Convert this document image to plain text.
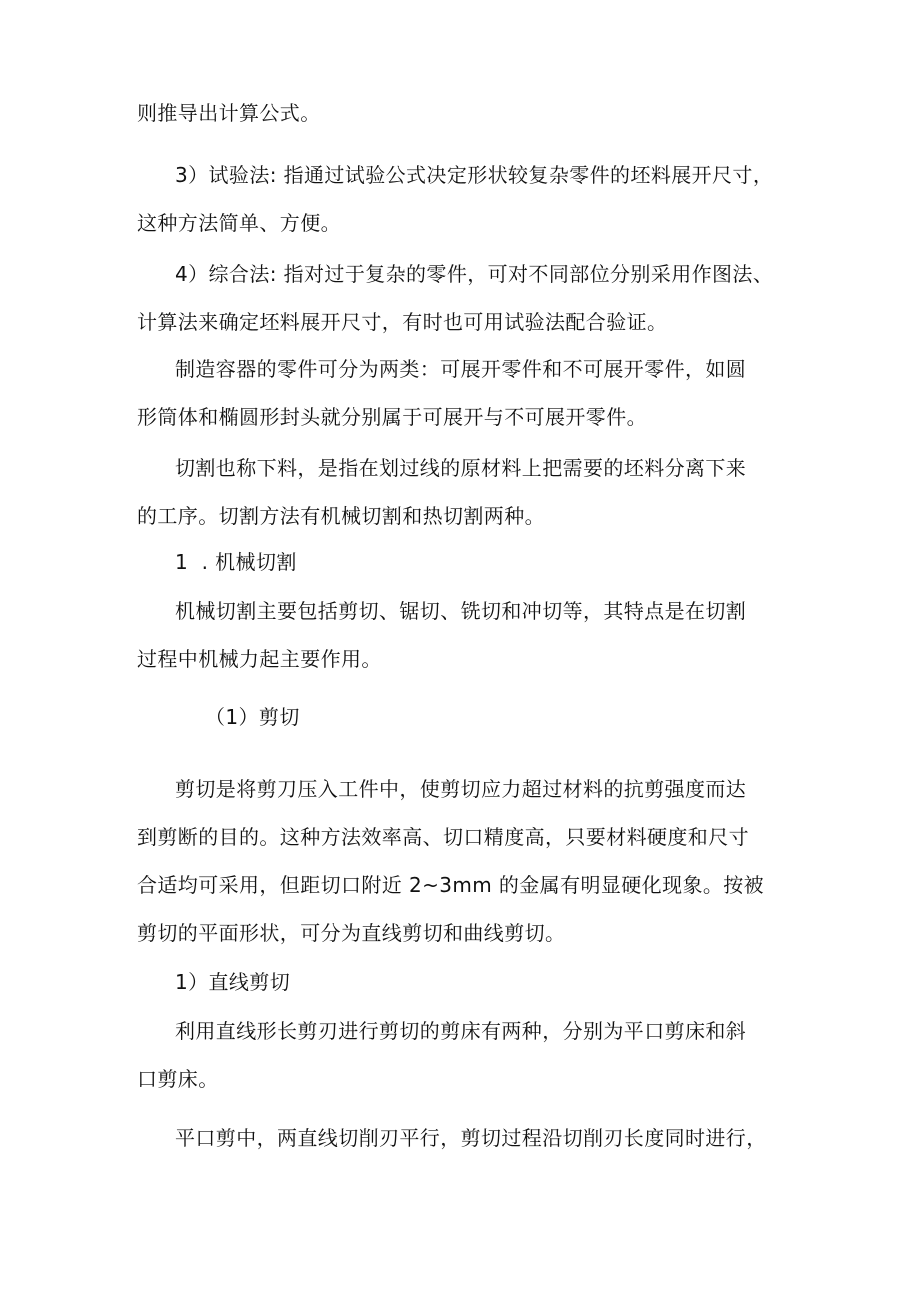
则推导出计算公式。
3）试验法: 指通过试验公式决定形状较复杂零件的坯料展开尺寸，
这种方法简单、方便。
4）综合法: 指对过于复杂的零件，可对不同部位分别采用作图法、
计算法来确定坯料展开尺寸，有时也可用试验法配合验证。
制造容器的零件可分为两类：可展开零件和不可展开零件，如圆
形筒体和椭圆形封头就分别属于可展开与不可展开零件。
切割也称下料，是指在划过线的原材料上把需要的坯料分离下来
的工序。切割方法有机械切割和热切割两种。
1  . 机械切割
机械切割主要包括剪切、锯切、铣切和冲切等，其特点是在切割
过程中机械力起主要作用。
（1）剪切
剪切是将剪刀压入工件中，使剪切应力超过材料的抗剪强度而达
到剪断的目的。这种方法效率高、切口精度高，只要材料硬度和尺寸
合适均可采用，但距切口附近 2~3mm 的金属有明显硬化现象。按被
剪切的平面形状，可分为直线剪切和曲线剪切。
1）直线剪切
利用直线形长剪刃进行剪切的剪床有两种，分别为平口剪床和斜
口剪床。
平口剪中，两直线切削刃平行，剪切过程沿切削刃长度同时进行，
